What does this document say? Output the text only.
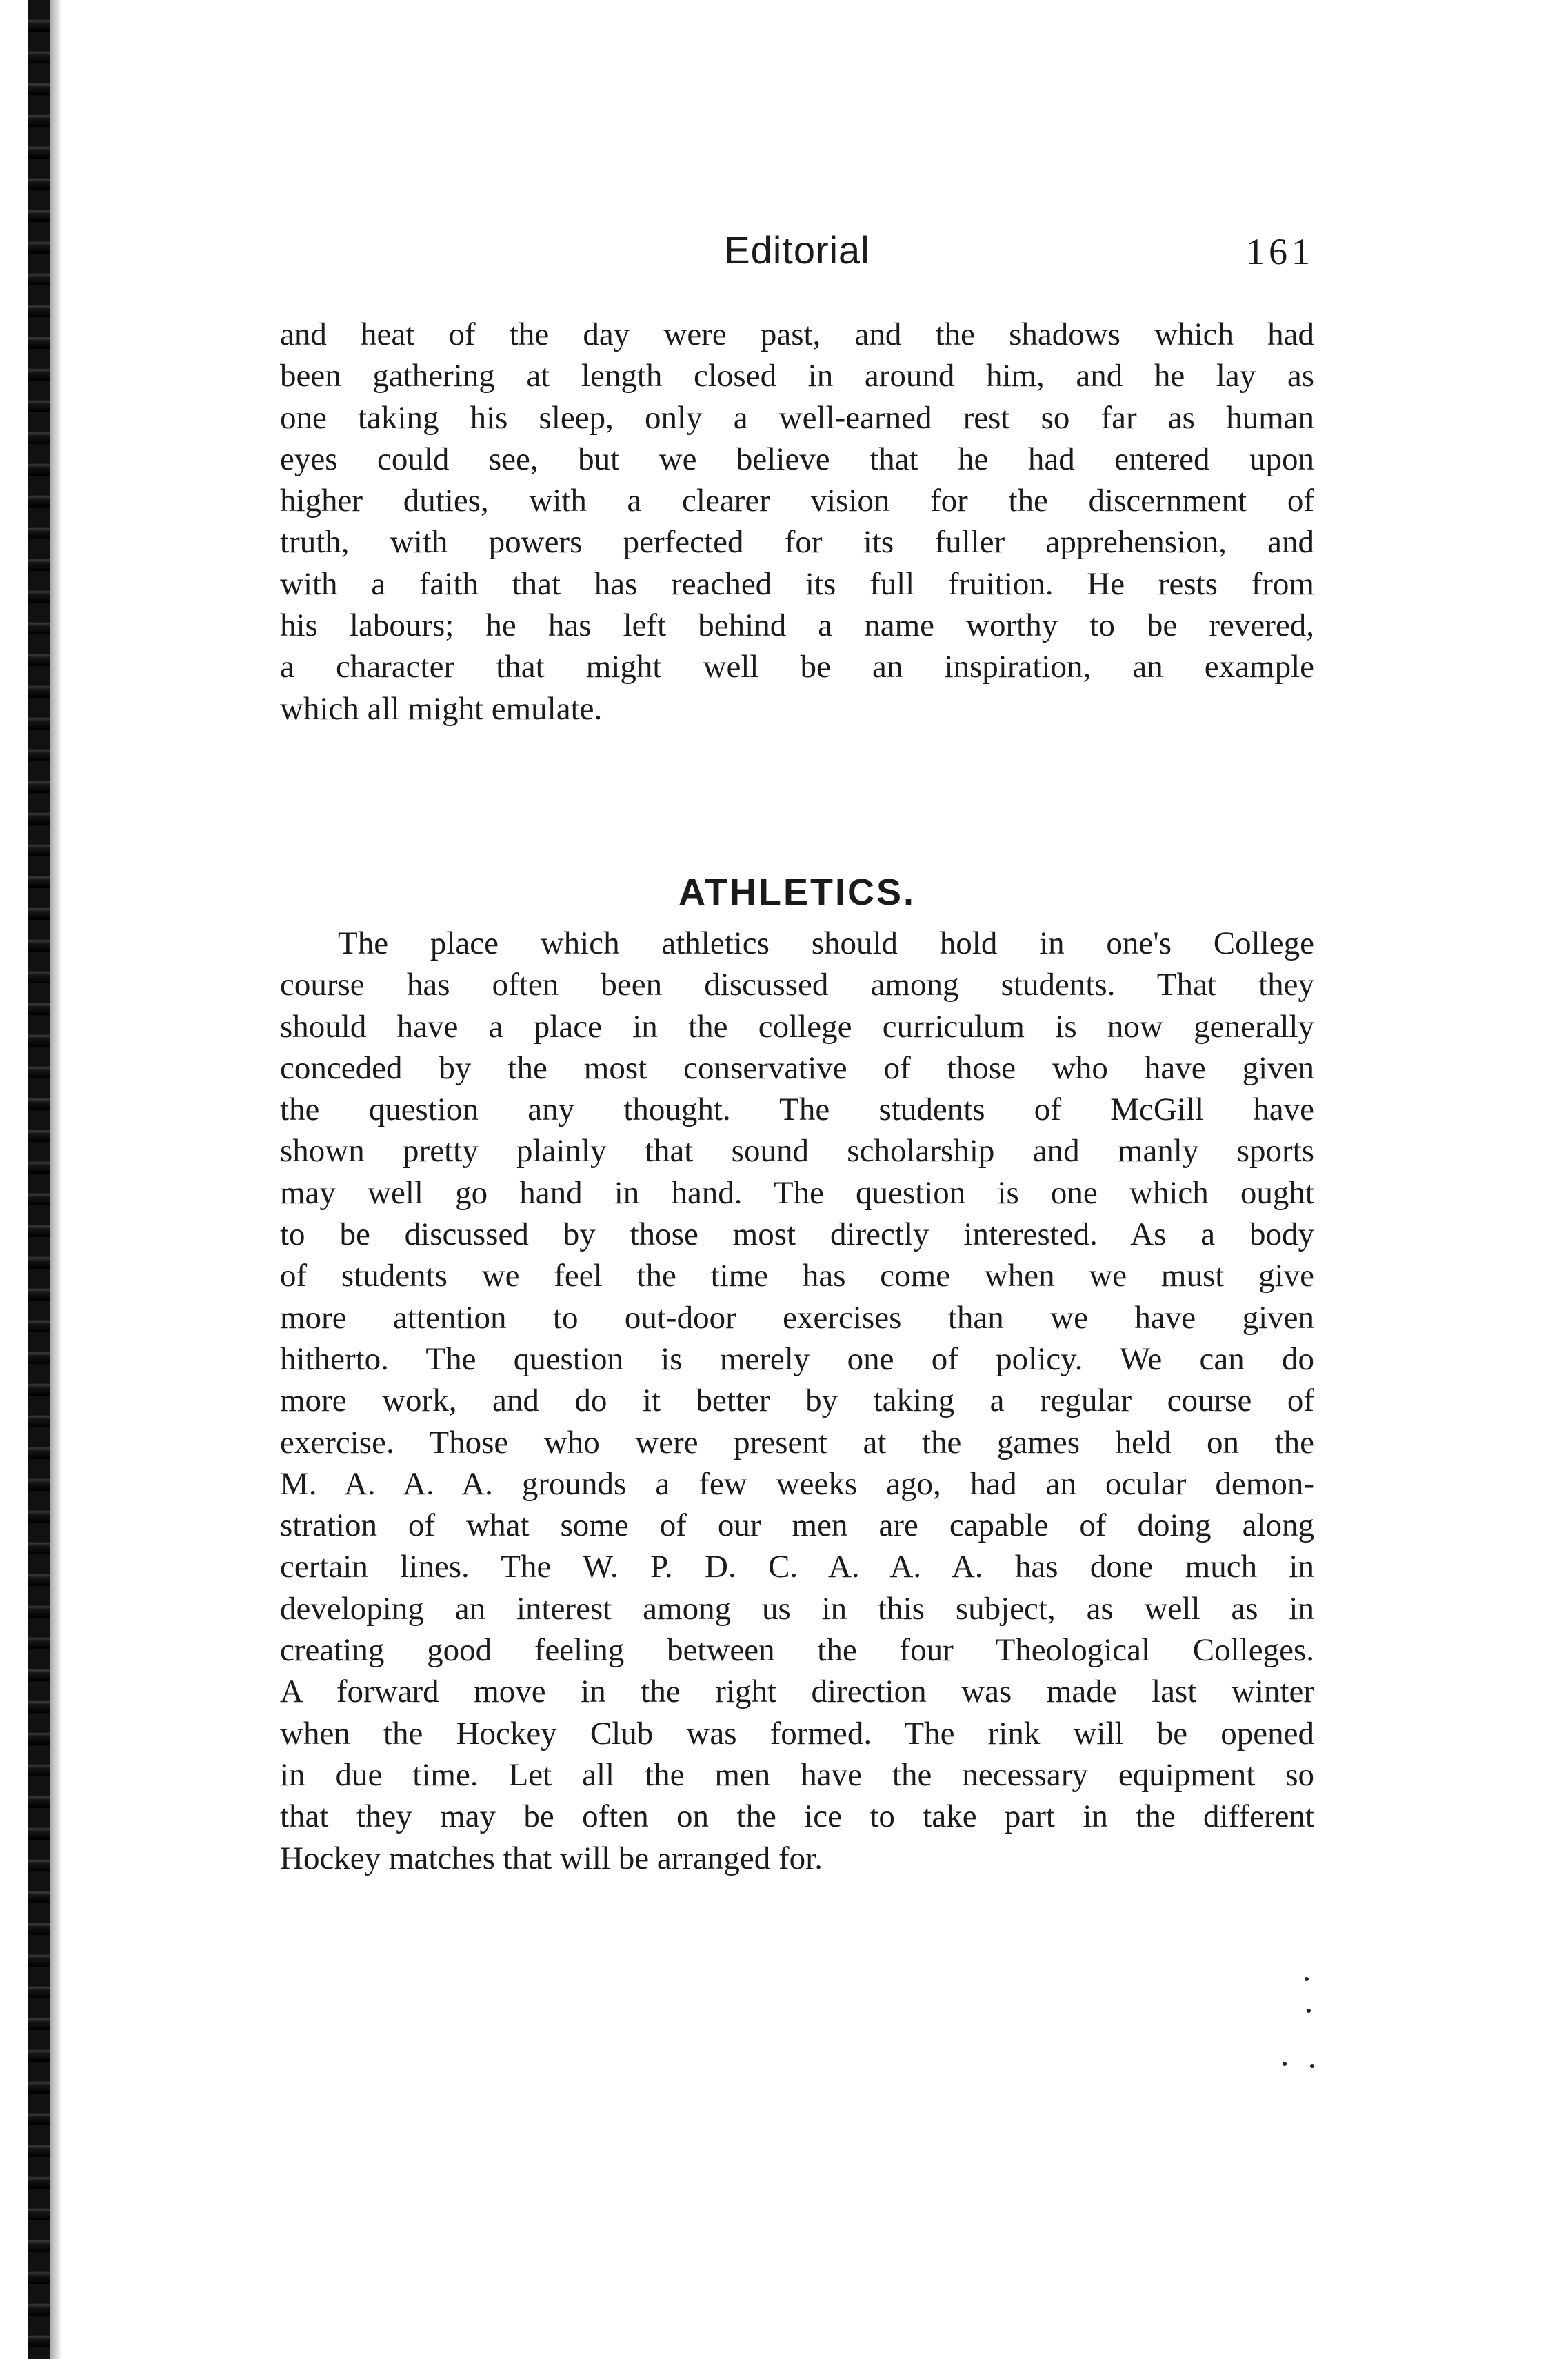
Editorial	161
and heat of the day were past, and the shadows which had
been gathering at length closed in around him, and he lay as
one taking his sleep, only a well-earned rest so far as human
eyes could see, but we believe that he had entered upon
higher duties, with a clearer vision for the discernment of
truth, with powers perfected for its fuller apprehension, and
with a faith that has reached its full fruition. He rests from
his labours; he has left behind a name worthy to be revered,
a character that might well be an inspiration, an example
which all might emulate.
ATHLETICS.
The place which athletics should hold in one's College
course has often been discussed among students. That they
should have a place in the college curriculum is now generally
conceded by the most conservative of those who have given
the question any thought. The students of McGill have
shown pretty plainly that sound scholarship and manly sports
may well go hand in hand. The question is one which ought
to be discussed by those most directly interested. As a body
of students we feel the time has come when we must give
more attention to out-door exercises than we have given
hitherto. The question is merely one of policy. We can do
more work, and do it better by taking a regular course of
exercise. Those who were present at the games held on the
M. A. A. A. grounds a few weeks ago, had an ocular demon-
stration of what some of our men are capable of doing along
certain lines. The W. P. D. C. A. A. A. has done much in
developing an interest among us in this subject, as well as in
creating good feeling between the four Theological Colleges.
A forward move in the right direction was made last winter
when the Hockey Club was formed. The rink will be opened
in due time. Let all the men have the necessary equipment so
that they may be often on the ice to take part in the different
Hockey matches that will be arranged for.
